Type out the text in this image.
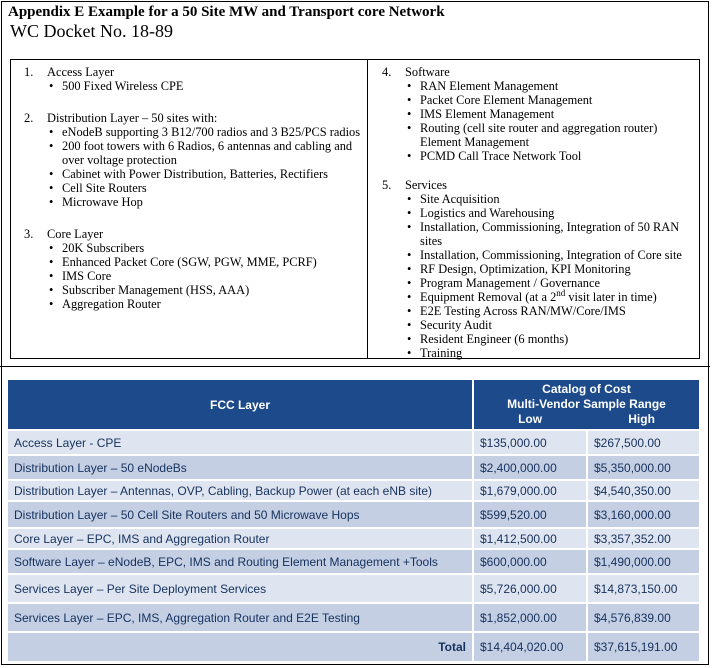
Appendix E Example for a 50 Site MW and Transport core Network
WC Docket No. 18-89
1. Access Layer
• 500 Fixed Wireless CPE
2. Distribution Layer – 50 sites with:
• eNodeB supporting 3 B12/700 radios and 3 B25/PCS radios
• 200 foot towers with 6 Radios, 6 antennas and cabling and over voltage protection
• Cabinet with Power Distribution, Batteries, Rectifiers
• Cell Site Routers
• Microwave Hop
3. Core Layer
• 20K Subscribers
• Enhanced Packet Core (SGW, PGW, MME, PCRF)
• IMS Core
• Subscriber Management (HSS, AAA)
• Aggregation Router
4. Software
• RAN Element Management
• Packet Core Element Management
• IMS Element Management
• Routing (cell site router and aggregation router) Element Management
• PCMD Call Trace Network Tool
5. Services
• Site Acquisition
• Logistics and Warehousing
• Installation, Commissioning, Integration of 50 RAN sites
• Installation, Commissioning, Integration of Core site
• RF Design, Optimization, KPI Monitoring
• Program Management / Governance
• Equipment Removal (at a 2nd visit later in time)
• E2E Testing Across RAN/MW/Core/IMS
• Security Audit
• Resident Engineer (6 months)
• Training
FCC Layer	Catalog of Cost
Multi-Vendor Sample Range
Low High	

Access Layer - CPE	$135,000.00	$267,500.00
Distribution Layer – 50 eNodeBs	$2,400,000.00	$5,350,000.00
Distribution Layer – Antennas, OVP, Cabling, Backup Power (at each eNB site)	$1,679,000.00	$4,540,350.00
Distribution Layer – 50 Cell Site Routers and 50 Microwave Hops	$599,520.00	$3,160,000.00
Core Layer – EPC, IMS and Aggregation Router	$1,412,500.00	$3,357,352.00
Software Layer – eNodeB, EPC, IMS and Routing Element Management +Tools	$600,000.00	$1,490,000.00
Services Layer – Per Site Deployment Services	$5,726,000.00	$14,873,150.00
Services Layer – EPC, IMS, Aggregation Router and E2E Testing	$1,852,000.00	$4,576,839.00
Total	$14,404,020.00	$37,615,191.00
